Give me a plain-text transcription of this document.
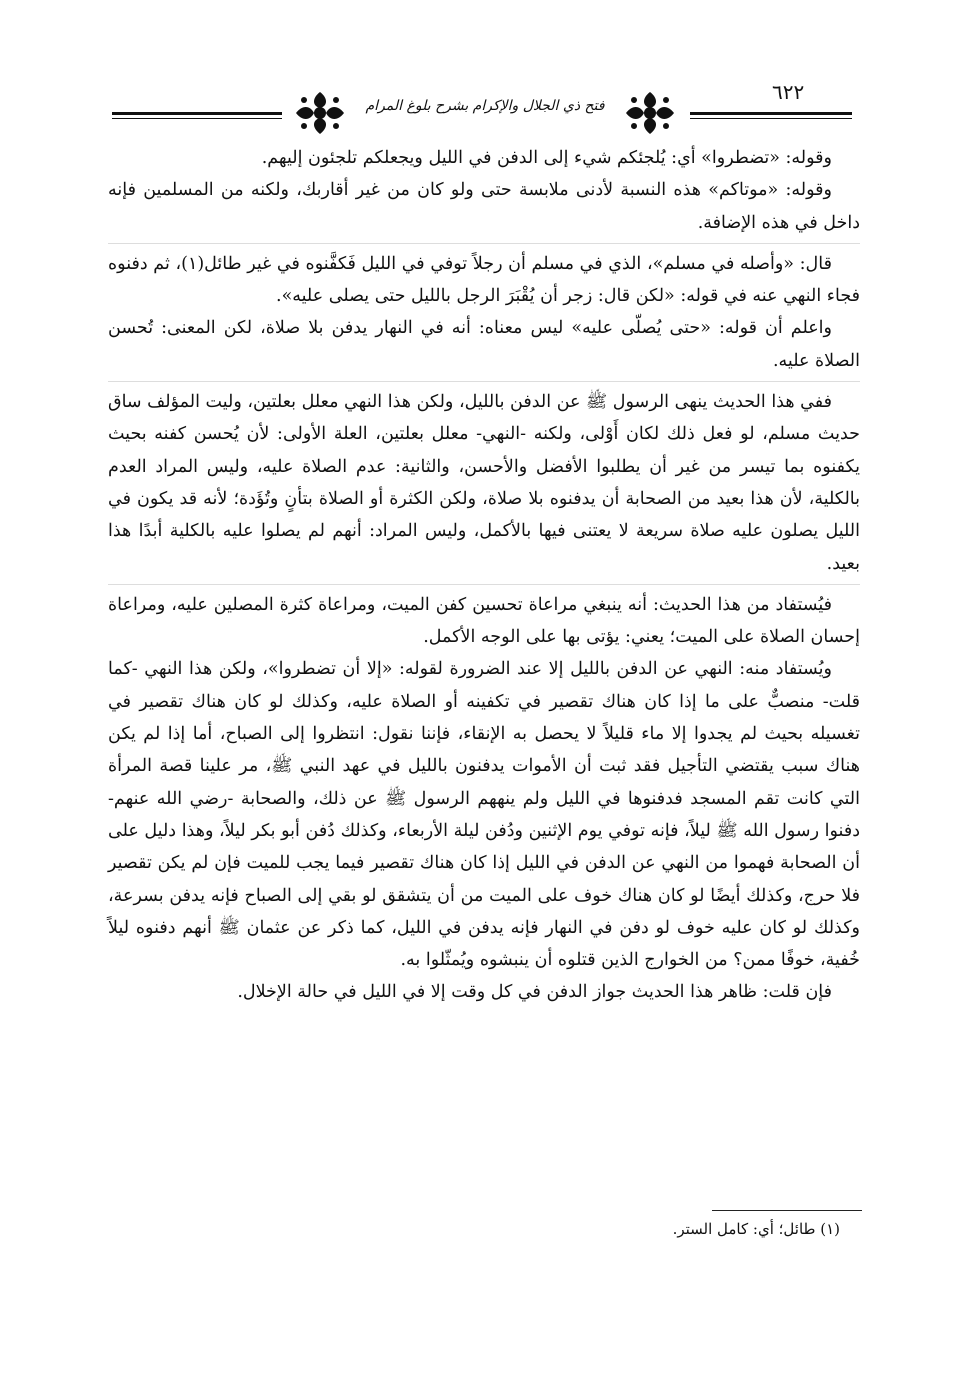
فتح ذي الجلال والإكرام بشرح بلوغ المرام
٦٢٢

وقوله: «تضطروا» أي: يُلجئكم شيء إلى الدفن في الليل ويجعلكم تلجئون إليهم.

وقوله: «موتاكم» هذه النسبة لأدنى ملابسة حتى ولو كان من غير أقاربك، ولكنه من المسلمين فإنه داخل في هذه الإضافة.

قال: «وأصله في مسلم»، الذي في مسلم أن رجلاً توفي في الليل فَكفَّنوه في غير طائل(١)، ثم دفنوه فجاء النهي عنه في قوله: «لكن قال: زجر أن يُقْبَرَ الرجل بالليل حتى يصلى عليه».

واعلم أن قوله: «حتى يُصلّى عليه» ليس معناه: أنه في النهار يدفن بلا صلاة، لكن المعنى: تُحسن الصلاة عليه.

ففي هذا الحديث ينهى الرسول ﷺ عن الدفن بالليل، ولكن هذا النهي معلل بعلتين، وليت المؤلف ساق حديث مسلم، لو فعل ذلك لكان أَوْلى، ولكنه -النهي- معلل بعلتين، العلة الأولى: لأن يُحسن كفنه بحيث يكفنوه بما تيسر من غير أن يطلبوا الأفضل والأحسن، والثانية: عدم الصلاة عليه، وليس المراد العدم بالكلية، لأن هذا بعيد من الصحابة أن يدفنوه بلا صلاة، ولكن الكثرة أو الصلاة بتأنٍ وتُؤَدة؛ لأنه قد يكون في الليل يصلون عليه صلاة سريعة لا يعتنى فيها بالأكمل، وليس المراد: أنهم لم يصلوا عليه بالكلية أبدًا هذا بعيد.

فيُستفاد من هذا الحديث: أنه ينبغي مراعاة تحسين كفن الميت، ومراعاة كثرة المصلين عليه، ومراعاة إحسان الصلاة على الميت؛ يعني: يؤتى بها على الوجه الأكمل.

ويُستفاد منه: النهي عن الدفن بالليل إلا عند الضرورة لقوله: «إلا أن تضطروا»، ولكن هذا النهي -كما قلت- منصبٌّ على ما إذا كان هناك تقصير في تكفينه أو الصلاة عليه، وكذلك لو كان هناك تقصير في تغسيله بحيث لم يجدوا إلا ماء قليلاً لا يحصل به الإنقاء، فإننا نقول: انتظروا إلى الصباح، أما إذا لم يكن هناك سبب يقتضي التأجيل فقد ثبت أن الأموات يدفنون بالليل في عهد النبي ﷺ، مر علينا قصة المرأة التي كانت تقم المسجد فدفنوها في الليل ولم ينههم الرسول ﷺ عن ذلك، والصحابة -رضي الله عنهم- دفنوا رسول الله ﷺ ليلاً، فإنه توفي يوم الإثنين ودُفن ليلة الأربعاء، وكذلك دُفن أبو بكر ليلاً، وهذا دليل على أن الصحابة فهموا من النهي عن الدفن في الليل إذا كان هناك تقصير فيما يجب للميت فإن لم يكن تقصير فلا حرج، وكذلك أيضًا لو كان هناك خوف على الميت من أن يتشقق لو بقي إلى الصباح فإنه يدفن بسرعة، وكذلك لو كان عليه خوف لو دفن في النهار فإنه يدفن في الليل، كما ذكر عن عثمان ﷺ أنهم دفنوه ليلاً خُفية، خوفًا ممن؟ من الخوارج الذين قتلوه أن ينبشوه ويُمثّلوا به.

فإن قلت: ظاهر هذا الحديث جواز الدفن في كل وقت إلا في الليل في حالة الإخلال.

(١) طائل؛ أي: كامل الستر.
